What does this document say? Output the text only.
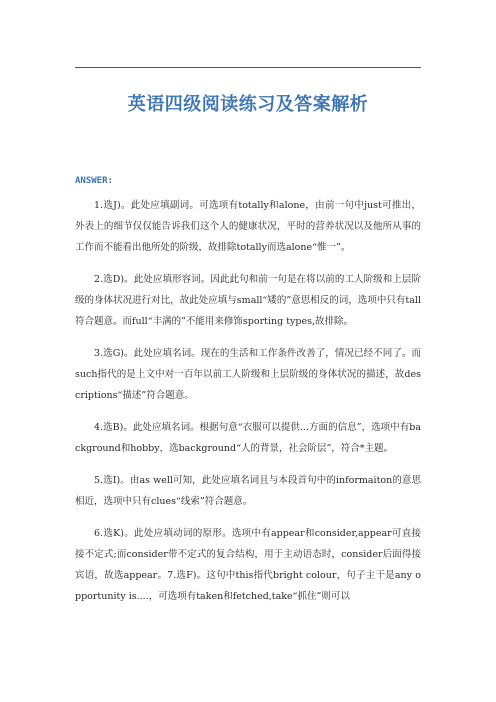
英语四级阅读练习及答案解析
ANSWER:

1.选J)。此处应填副词。可选项有totally和alone，由前一句中just可推出，外表上的细节仅仅能告诉我们这个人的健康状况，平时的营养状况以及他所从事的工作而不能看出他所处的阶级，故排除totally而选alone“惟一”。

2.选D)。此处应填形容词。因此此句和前一句是在将以前的工人阶级和上层阶级的身体状况进行对比，故此处应填与small“矮的”意思相反的词，选项中只有tall符合题意。而full“丰满的”不能用来修饰sporting types,故排除。

3.选G)。此处应填名词。现在的生活和工作条件改善了，情况已经不同了。而such指代的是上文中对一百年以前工人阶级和上层阶级的身体状况的描述，故descriptions“描述”符合题意。

4.选B)。此处应填名词。根据句意“衣服可以提供...方面的信息”，选项中有background和hobby，选background“人的背景，社会阶层”，符合*主题。

5.选I)。由as well可知，此处应填名词且与本段首句中的informaiton的意思相近，选项中只有clues“线索”符合题意。

6.选K)。此处应填动词的原形。选项中有appear和consider,appear可直接接不定式;而consider带不定式的复合结构，用于主动语态时，consider后面得接宾语，故选appear。7.选F)。这句中this指代bright colour，句子主干是any opportunity is....，可选项有taken和fetched,take“抓住”则可以
